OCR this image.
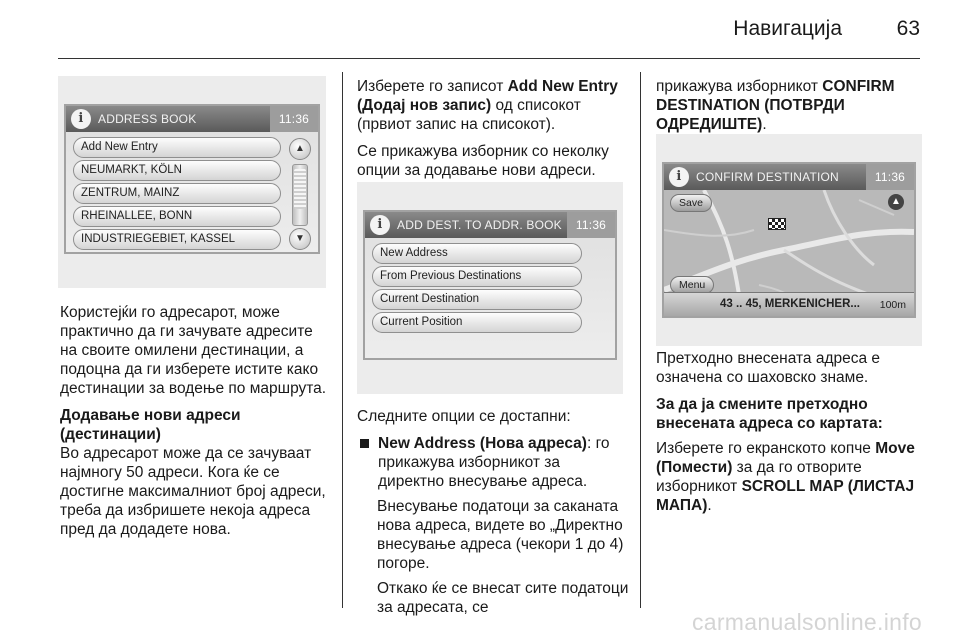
Навигација	63
i	ADDRESS BOOK	11:36
Add New Entry
NEUMARKT, KÖLN
ZENTRUM, MAINZ
RHEINALLEE, BONN
INDUSTRIEGEBIET, KASSEL
▲
▼

Користејќи го адресарот, може практично да ги зачувате адресите на своите омилени дестинации, а подоцна да ги изберете истите како дестинации за водење по маршрута.

Додавање нови адреси (дестинации)

Во адресарот може да се зачуваат најмногу 50 адреси. Кога ќе се достигне максималниот број адреси, треба да избришете некоја адреса пред да додадете нова.

Изберете го записот Add New Entry (Додај нов запис) од списокот (првиот запис на списокот).

Се прикажува изборник со неколку опции за додавање нови адреси.

i	ADD DEST. TO ADDR. BOOK	11:36
New Address
From Previous Destinations
Current Destination
Current Position

Следните опции се достапни:

New Address (Нова адреса): го прикажува изборникот за директно внесување адреса.

Внесување податоци за саканата нова адреса, видете во „Директно внесување адреса (чекори 1 до 4) погоре.

Откако ќе се внесат сите податоци за адресата, се

прикажува изборникот CONFIRM DESTINATION (ПОТВРДИ ОДРЕДИШТЕ).

i	CONFIRM DESTINATION	11:36
Save
Menu
▲
43 .. 45, MERKENICHER... 100m

Претходно внесената адреса е означена со шаховско знаме.

За да ја смените претходно внесената адреса со картата:

Изберете го екранското копче Move (Помести) за да го отворите изборникот SCROLL MAP (ЛИСТАЈ МАПА).

carmanualsonline.info
